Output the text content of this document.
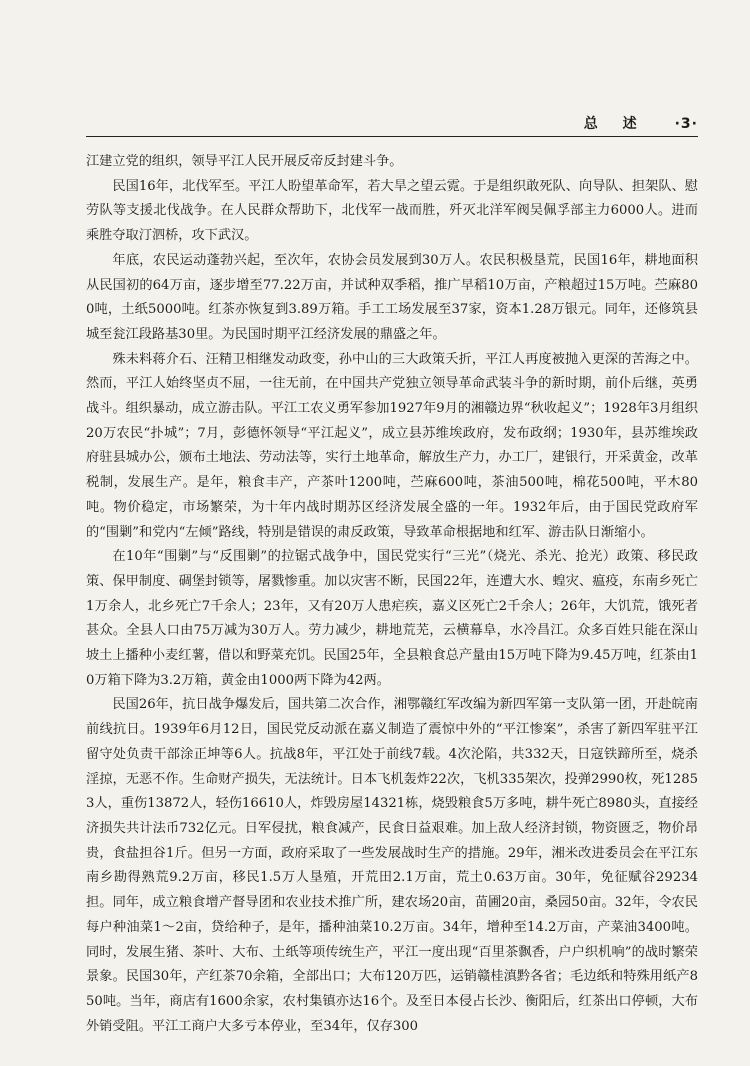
总 述 ·3·

江建立党的组织，领导平江人民开展反帝反封建斗争。

民国16年，北伐军至。平江人盼望革命军，若大旱之望云霓。于是组织敢死队、向导队、担架队、慰劳队等支援北伐战争。在人民群众帮助下，北伐军一战而胜，歼灭北洋军阀吴佩孚部主力6000人。进而乘胜夺取汀泗桥，攻下武汉。

年底，农民运动蓬勃兴起，至次年，农协会员发展到30万人。农民积极垦荒，民国16年，耕地面积从民国初的64万亩，逐步增至77.22万亩，并试种双季稻，推广早稻10万亩，产粮超过15万吨。苎麻800吨，土纸5000吨。红茶亦恢复到3.89万箱。手工工场发展至37家，资本1.28万银元。同年，还修筑县城至瓮江段路基30里。为民国时期平江经济发展的鼎盛之年。

殊未料蒋介石、汪精卫相继发动政变，孙中山的三大政策夭折，平江人再度被抛入更深的苦海之中。然而，平江人始终坚贞不屈，一往无前，在中国共产党独立领导革命武装斗争的新时期，前仆后继，英勇战斗。组织暴动，成立游击队。平江工农义勇军参加1927年9月的湘赣边界“秋收起义”；1928年3月组织20万农民“扑城”；7月，彭德怀领导“平江起义”，成立县苏维埃政府，发布政纲；1930年，县苏维埃政府驻县城办公，颁布土地法、劳动法等，实行土地革命，解放生产力，办工厂，建银行，开采黄金，改革税制，发展生产。是年，粮食丰产，产茶叶1200吨，苎麻600吨，茶油500吨，棉花500吨，平木80吨。物价稳定，市场繁荣，为十年内战时期苏区经济发展全盛的一年。1932年后，由于国民党政府军的“围剿”和党内“左倾”路线，特别是错误的肃反政策，导致革命根据地和红军、游击队日渐缩小。

在10年“围剿”与“反围剿”的拉锯式战争中，国民党实行“三光”（烧光、杀光、抢光）政策、移民政策、保甲制度、碉堡封锁等，屠戮惨重。加以灾害不断，民国22年，连遭大水、蝗灾、瘟疫，东南乡死亡1万余人，北乡死亡7千余人；23年，又有20万人患疟疾，嘉义区死亡2千余人；26年，大饥荒，饿死者甚众。全县人口由75万减为30万人。劳力减少，耕地荒芜，云横幕阜，水冷昌江。众多百姓只能在深山坡土上播种小麦红薯，借以和野菜充饥。民国25年，全县粮食总产量由15万吨下降为9.45万吨，红茶由10万箱下降为3.2万箱，黄金由1000两下降为42两。

民国26年，抗日战争爆发后，国共第二次合作，湘鄂赣红军改编为新四军第一支队第一团，开赴皖南前线抗日。1939年6月12日，国民党反动派在嘉义制造了震惊中外的“平江惨案”，杀害了新四军驻平江留守处负责干部涂正坤等6人。抗战8年，平江处于前线7载。4次沦陷，共332天，日寇铁蹄所至，烧杀淫掠，无恶不作。生命财产损失，无法统计。日本飞机轰炸22次，飞机335架次，投弹2990枚，死12853人，重伤13872人，轻伤16610人，炸毁房屋14321栋，烧毁粮食5万多吨，耕牛死亡8980头，直接经济损失共计法币732亿元。日军侵扰，粮食减产，民食日益艰难。加上敌人经济封锁，物资匮乏，物价昂贵，食盐担谷1斤。但另一方面，政府采取了一些发展战时生产的措施。29年，湘米改进委员会在平江东南乡勘得熟荒9.2万亩，移民1.5万人垦殖，开荒田2.1万亩，荒土0.63万亩。30年，免征赋谷29234担。同年，成立粮食增产督导团和农业技术推广所，建农场20亩，苗圃20亩，桑园50亩。32年，令农民每户种油菜1～2亩，贷给种子，是年，播种油菜10.2万亩。34年，增种至14.2万亩，产菜油3400吨。同时，发展生猪、茶叶、大布、土纸等项传统生产，平江一度出现“百里茶飘香，户户织机响”的战时繁荣景象。民国30年，产红茶70余箱，全部出口；大布120万匹，运销赣桂滇黔各省；毛边纸和特殊用纸产850吨。当年，商店有1600余家，农村集镇亦达16个。及至日本侵占长沙、衡阳后，红茶出口停顿，大布外销受阻。平江工商户大多亏本停业，至34年，仅存300
